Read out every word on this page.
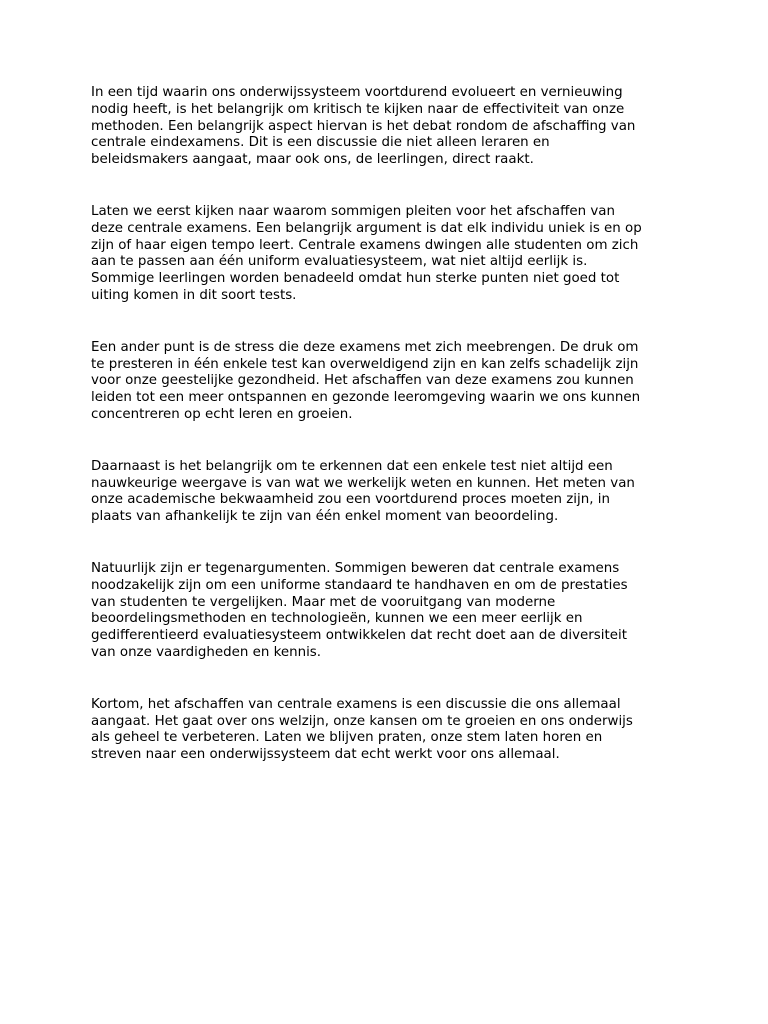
In een tijd waarin ons onderwijssysteem voortdurend evolueert en vernieuwing
nodig heeft, is het belangrijk om kritisch te kijken naar de effectiviteit van onze
methoden. Een belangrijk aspect hiervan is het debat rondom de afschaffing van
centrale eindexamens. Dit is een discussie die niet alleen leraren en
beleidsmakers aangaat, maar ook ons, de leerlingen, direct raakt.

Laten we eerst kijken naar waarom sommigen pleiten voor het afschaffen van
deze centrale examens. Een belangrijk argument is dat elk individu uniek is en op
zijn of haar eigen tempo leert. Centrale examens dwingen alle studenten om zich
aan te passen aan één uniform evaluatiesysteem, wat niet altijd eerlijk is.
Sommige leerlingen worden benadeeld omdat hun sterke punten niet goed tot
uiting komen in dit soort tests.

Een ander punt is de stress die deze examens met zich meebrengen. De druk om
te presteren in één enkele test kan overweldigend zijn en kan zelfs schadelijk zijn
voor onze geestelijke gezondheid. Het afschaffen van deze examens zou kunnen
leiden tot een meer ontspannen en gezonde leeromgeving waarin we ons kunnen
concentreren op echt leren en groeien.

Daarnaast is het belangrijk om te erkennen dat een enkele test niet altijd een
nauwkeurige weergave is van wat we werkelijk weten en kunnen. Het meten van
onze academische bekwaamheid zou een voortdurend proces moeten zijn, in
plaats van afhankelijk te zijn van één enkel moment van beoordeling.

Natuurlijk zijn er tegenargumenten. Sommigen beweren dat centrale examens
noodzakelijk zijn om een uniforme standaard te handhaven en om de prestaties
van studenten te vergelijken. Maar met de vooruitgang van moderne
beoordelingsmethoden en technologieën, kunnen we een meer eerlijk en
gedifferentieerd evaluatiesysteem ontwikkelen dat recht doet aan de diversiteit
van onze vaardigheden en kennis.

Kortom, het afschaffen van centrale examens is een discussie die ons allemaal
aangaat. Het gaat over ons welzijn, onze kansen om te groeien en ons onderwijs
als geheel te verbeteren. Laten we blijven praten, onze stem laten horen en
streven naar een onderwijssysteem dat echt werkt voor ons allemaal.
